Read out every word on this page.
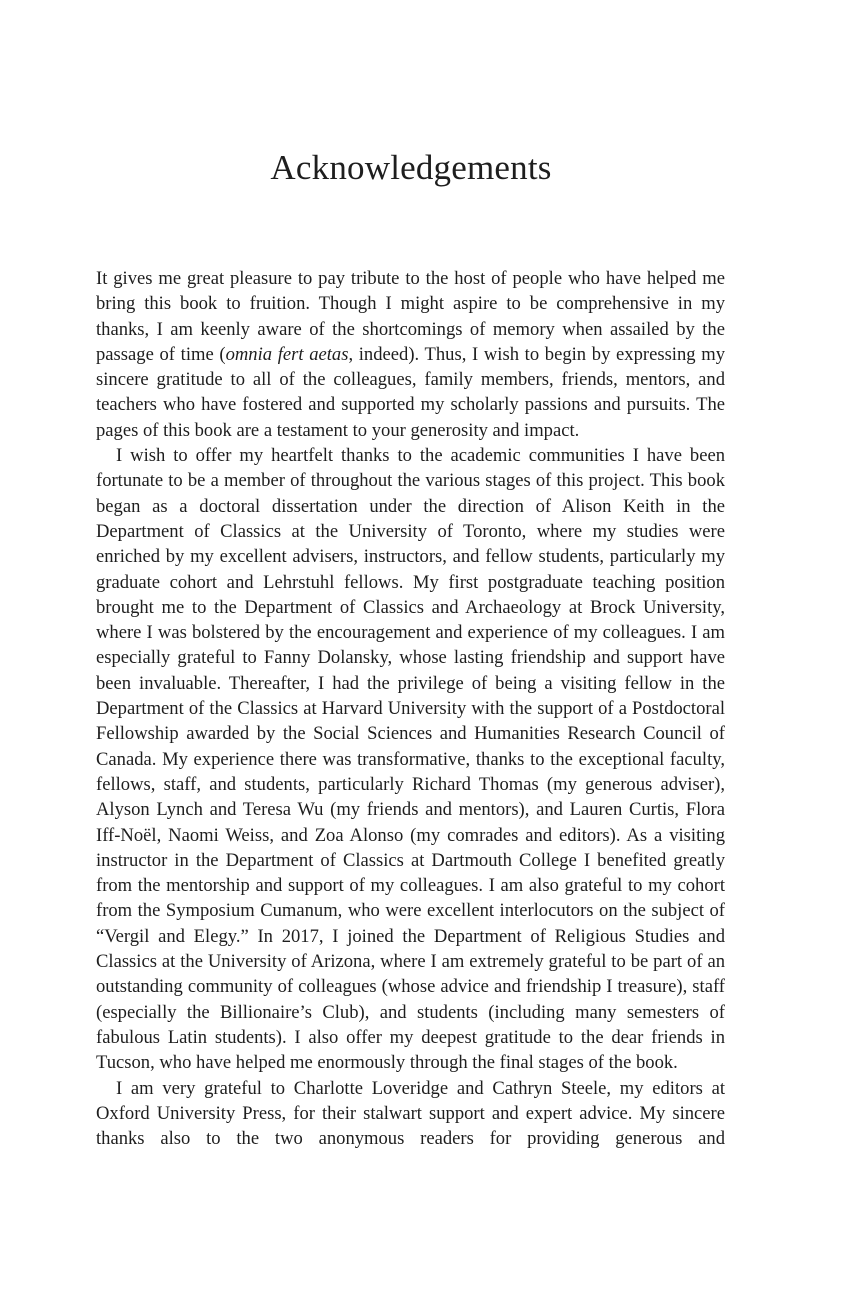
Acknowledgements

It gives me great pleasure to pay tribute to the host of people who have helped me bring this book to fruition. Though I might aspire to be comprehensive in my thanks, I am keenly aware of the shortcomings of memory when assailed by the passage of time (omnia fert aetas, indeed). Thus, I wish to begin by expressing my sincere gratitude to all of the colleagues, family members, friends, mentors, and teachers who have fostered and supported my scholarly passions and pursuits. The pages of this book are a testament to your generosity and impact.

I wish to offer my heartfelt thanks to the academic communities I have been fortunate to be a member of throughout the various stages of this project. This book began as a doctoral dissertation under the direction of Alison Keith in the Department of Classics at the University of Toronto, where my studies were enriched by my excellent advisers, instructors, and fellow students, particularly my graduate cohort and Lehrstuhl fellows. My first postgraduate teaching position brought me to the Department of Classics and Archaeology at Brock University, where I was bolstered by the encouragement and experience of my colleagues. I am especially grateful to Fanny Dolansky, whose lasting friendship and support have been invaluable. Thereafter, I had the privilege of being a visiting fellow in the Department of the Classics at Harvard University with the support of a Postdoctoral Fellowship awarded by the Social Sciences and Humanities Research Council of Canada. My experience there was transformative, thanks to the exceptional faculty, fellows, staff, and students, particularly Richard Thomas (my generous adviser), Alyson Lynch and Teresa Wu (my friends and mentors), and Lauren Curtis, Flora Iff-Noël, Naomi Weiss, and Zoa Alonso (my comrades and editors). As a visiting instructor in the Department of Classics at Dartmouth College I benefited greatly from the mentorship and support of my colleagues. I am also grateful to my cohort from the Symposium Cumanum, who were excellent interlocutors on the subject of “Vergil and Elegy.” In 2017, I joined the Department of Religious Studies and Classics at the University of Arizona, where I am extremely grateful to be part of an outstanding community of colleagues (whose advice and friendship I treasure), staff (especially the Billionaire’s Club), and students (including many semesters of fabulous Latin students). I also offer my deepest gratitude to the dear friends in Tucson, who have helped me enormously through the final stages of the book.

I am very grateful to Charlotte Loveridge and Cathryn Steele, my editors at Oxford University Press, for their stalwart support and expert advice. My sincere thanks also to the two anonymous readers for providing generous and
